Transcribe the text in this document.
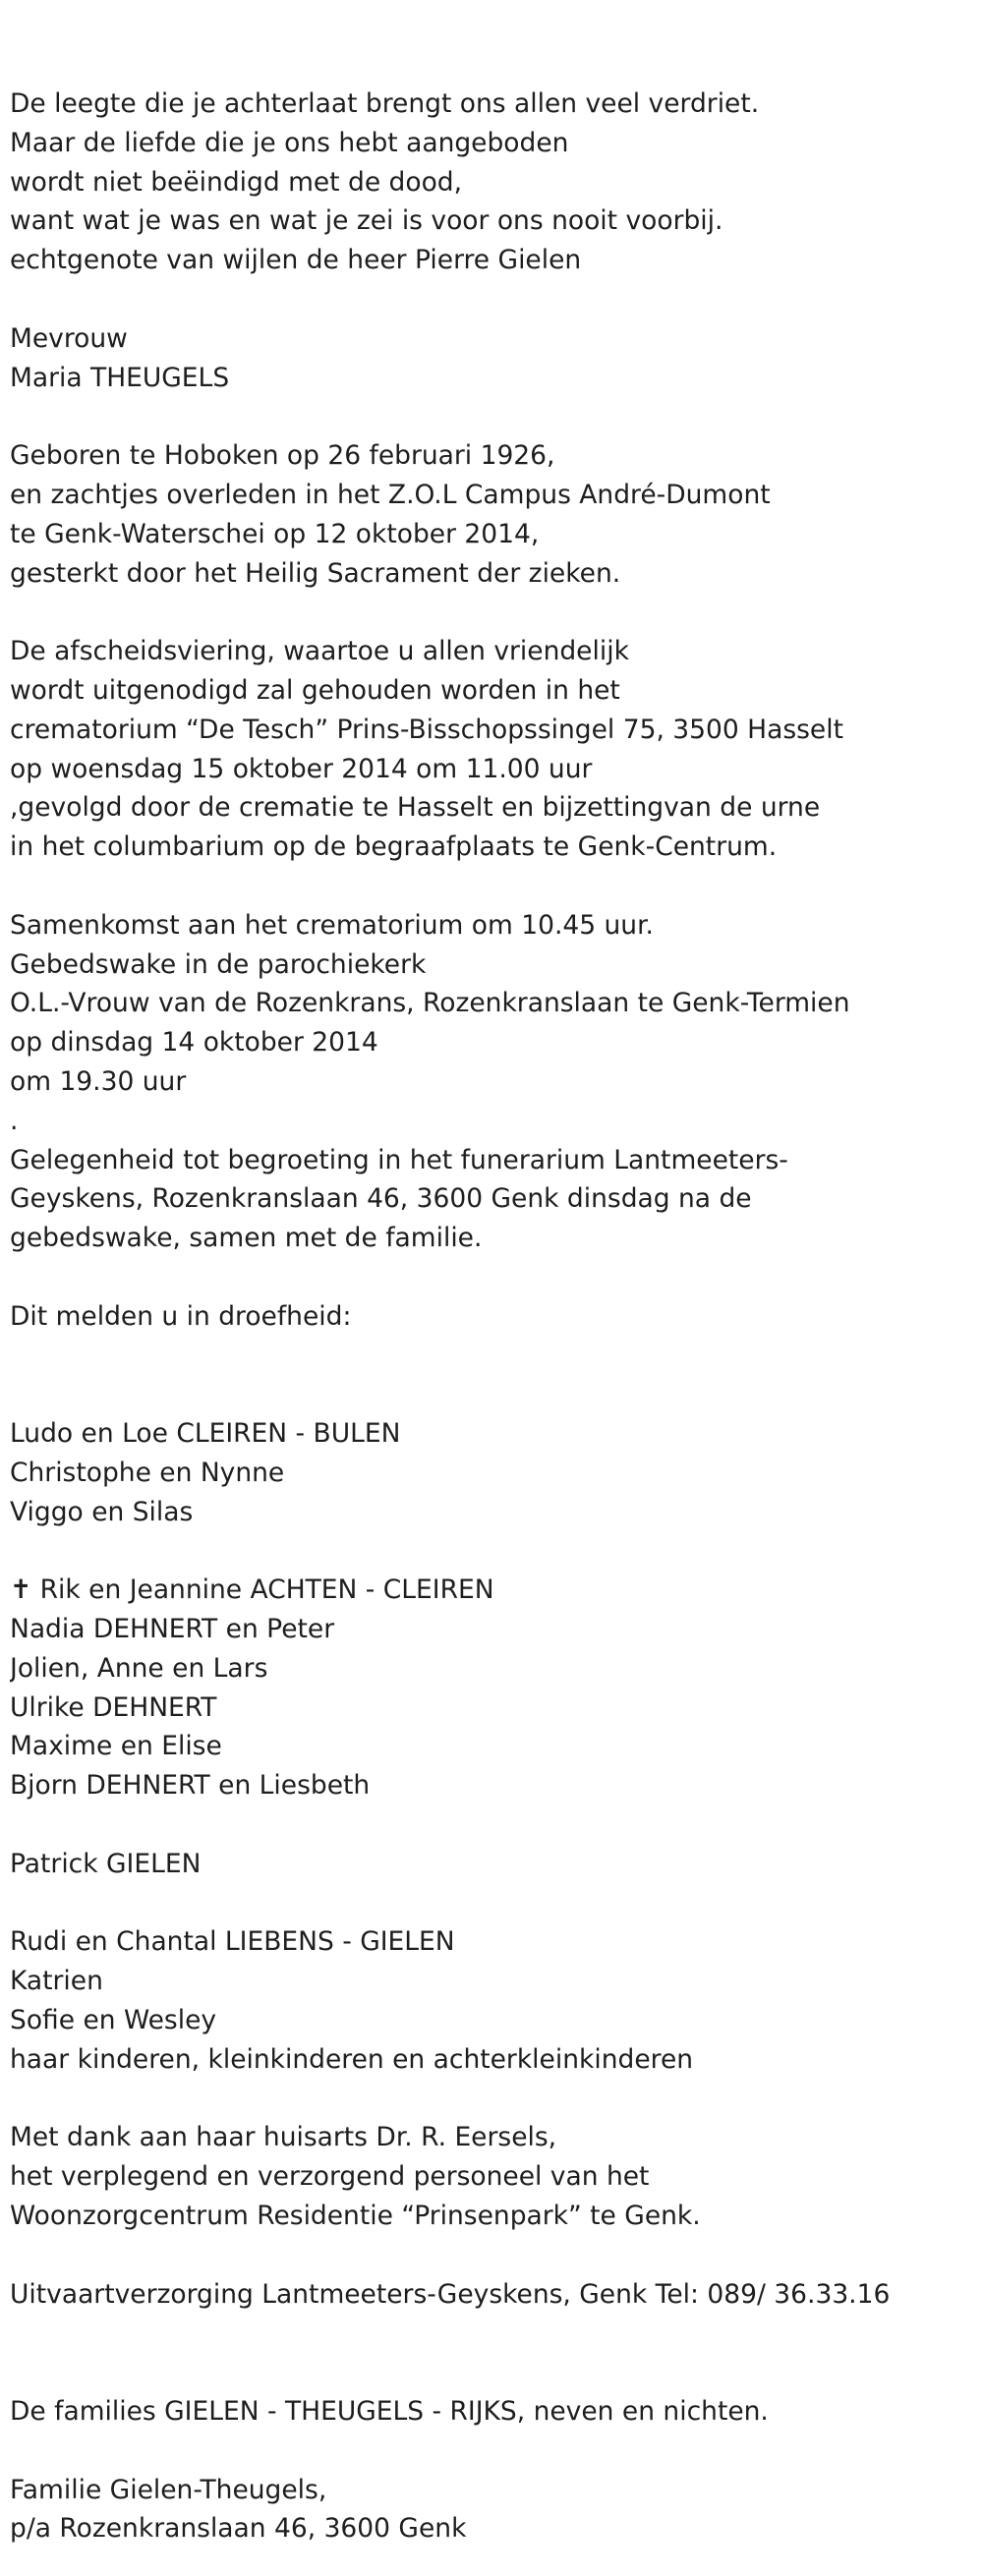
De leegte die je achterlaat brengt ons allen veel verdriet.
Maar de liefde die je ons hebt aangeboden
wordt niet beëindigd met de dood,
want wat je was en wat je zei is voor ons nooit voorbij.
echtgenote van wijlen de heer Pierre Gielen
Mevrouw
Maria THEUGELS
Geboren te Hoboken op 26 februari 1926,
en zachtjes overleden in het Z.O.L Campus André-Dumont
te Genk-Waterschei op 12 oktober 2014,
gesterkt door het Heilig Sacrament der zieken.
De afscheidsviering, waartoe u allen vriendelijk
wordt uitgenodigd zal gehouden worden in het
crematorium “De Tesch” Prins-Bisschopssingel 75, 3500 Hasselt
op woensdag 15 oktober 2014 om 11.00 uur
,gevolgd door de crematie te Hasselt en bijzettingvan de urne
in het columbarium op de begraafplaats te Genk-Centrum.
Samenkomst aan het crematorium om 10.45 uur.
Gebedswake in de parochiekerk
O.L.-Vrouw van de Rozenkrans, Rozenkranslaan te Genk-Termien
op dinsdag 14 oktober 2014
om 19.30 uur
.
Gelegenheid tot begroeting in het funerarium Lantmeeters-
Geyskens, Rozenkranslaan 46, 3600 Genk dinsdag na de
gebedswake, samen met de familie.
Dit melden u in droefheid:
Ludo en Loe CLEIREN - BULEN
Christophe en Nynne
Viggo en Silas
✝ Rik en Jeannine ACHTEN - CLEIREN
Nadia DEHNERT en Peter
Jolien, Anne en Lars
Ulrike DEHNERT
Maxime en Elise
Bjorn DEHNERT en Liesbeth
Patrick GIELEN
Rudi en Chantal LIEBENS - GIELEN
Katrien
Sofie en Wesley
haar kinderen, kleinkinderen en achterkleinkinderen
Met dank aan haar huisarts Dr. R. Eersels,
het verplegend en verzorgend personeel van het
Woonzorgcentrum Residentie “Prinsenpark” te Genk.
Uitvaartverzorging Lantmeeters-Geyskens, Genk Tel: 089/ 36.33.16
De families GIELEN - THEUGELS - RIJKS, neven en nichten.
Familie Gielen-Theugels,
p/a Rozenkranslaan 46, 3600 Genk
